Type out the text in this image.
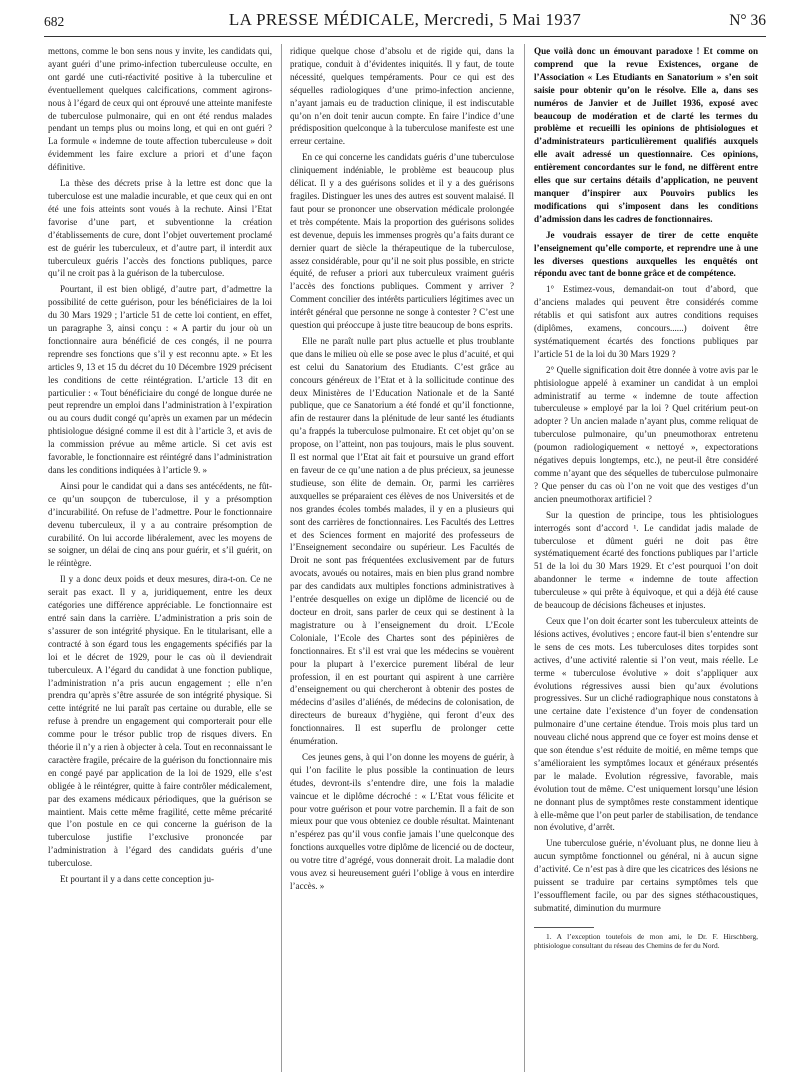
682	LA PRESSE MÉDICALE, Mercredi, 5 Mai 1937	N° 36

mettons, comme le bon sens nous y invite, les candidats qui, ayant guéri d’une primo-infection tuberculeuse occulte, en ont gardé une cuti-réactivité positive à la tuberculine et éventuellement quelques calcifications, comment agirons-nous à l’égard de ceux qui ont éprouvé une atteinte manifeste de tuberculose pulmonaire, qui en ont été rendus malades pendant un temps plus ou moins long, et qui en ont guéri ? La formule « indemne de toute affection tuberculeuse » doit évidemment les faire exclure a priori et d’une façon définitive.

La thèse des décrets prise à la lettre est donc que la tuberculose est une maladie incurable, et que ceux qui en ont été une fois atteints sont voués à la rechute. Ainsi l’Etat favorise d’une part, et subventionne la création d’établissements de cure, dont l’objet ouvertement proclamé est de guérir les tuberculeux, et d’autre part, il interdit aux tuberculeux guéris l’accès des fonctions publiques, parce qu’il ne croit pas à la guérison de la tuberculose.

Pourtant, il est bien obligé, d’autre part, d’admettre la possibilité de cette guérison, pour les bénéficiaires de la loi du 30 Mars 1929 ; l’article 51 de cette loi contient, en effet, un paragraphe 3, ainsi conçu : « A partir du jour où un fonctionnaire aura bénéficié de ces congés, il ne pourra reprendre ses fonctions que s’il y est reconnu apte. » Et les articles 9, 13 et 15 du décret du 10 Décembre 1929 précisent les conditions de cette réintégration. L’article 13 dit en particulier : « Tout bénéficiaire du congé de longue durée ne peut reprendre un emploi dans l’administration à l’expiration ou au cours dudit congé qu’après un examen par un médecin phtisiologue désigné comme il est dit à l’article 3, et avis de la commission prévue au même article. Si cet avis est favorable, le fonctionnaire est réintégré dans l’administration dans les conditions indiquées à l’article 9. »

Ainsi pour le candidat qui a dans ses antécédents, ne fût-ce qu’un soupçon de tuberculose, il y a présomption d’incurabilité. On refuse de l’admettre. Pour le fonctionnaire devenu tuberculeux, il y a au contraire présomption de curabilité. On lui accorde libéralement, avec les moyens de se soigner, un délai de cinq ans pour guérir, et s’il guérit, on le réintègre.

Il y a donc deux poids et deux mesures, dira-t-on. Ce ne serait pas exact. Il y a, juridiquement, entre les deux catégories une différence appréciable. Le fonctionnaire est entré sain dans la carrière. L’administration a pris soin de s’assurer de son intégrité physique. En le titularisant, elle a contracté à son égard tous les engagements spécifiés par la loi et le décret de 1929, pour le cas où il deviendrait tuberculeux. A l’égard du candidat à une fonction publique, l’administration n’a pris aucun engagement ; elle n’en prendra qu’après s’être assurée de son intégrité physique. Si cette intégrité ne lui paraît pas certaine ou durable, elle se refuse à prendre un engagement qui comporterait pour elle comme pour le trésor public trop de risques divers. En théorie il n’y a rien à objecter à cela. Tout en reconnaissant le caractère fragile, précaire de la guérison du fonctionnaire mis en congé payé par application de la loi de 1929, elle s’est obligée à le réintégrer, quitte à faire contrôler médicalement, par des examens médicaux périodiques, que la guérison se maintient. Mais cette même fragilité, cette même précarité que l’on postule en ce qui concerne la guérison de la tuberculose justifie l’exclusive prononcée par l’administration à l’égard des candidats guéris d’une tuberculose.

Et pourtant il y a dans cette conception ju-

ridique quelque chose d’absolu et de rigide qui, dans la pratique, conduit à d’évidentes iniquités. Il y faut, de toute nécessité, quelques tempéraments. Pour ce qui est des séquelles radiologiques d’une primo-infection ancienne, n’ayant jamais eu de traduction clinique, il est indiscutable qu’on n’en doit tenir aucun compte. En faire l’indice d’une prédisposition quelconque à la tuberculose manifeste est une erreur certaine.

En ce qui concerne les candidats guéris d’une tuberculose cliniquement indéniable, le problème est beaucoup plus délicat. Il y a des guérisons solides et il y a des guérisons fragiles. Distinguer les unes des autres est souvent malaisé. Il faut pour se prononcer une observation médicale prolongée et très compétente. Mais la proportion des guérisons solides est devenue, depuis les immenses progrès qu’a faits durant ce dernier quart de siècle la thérapeutique de la tuberculose, assez considérable, pour qu’il ne soit plus possible, en stricte équité, de refuser a priori aux tuberculeux vraiment guéris l’accès des fonctions publiques. Comment y arriver ? Comment concilier des intérêts particuliers légitimes avec un intérêt général que personne ne songe à contester ? C’est une question qui préoccupe à juste titre beaucoup de bons esprits.

Elle ne paraît nulle part plus actuelle et plus troublante que dans le milieu où elle se pose avec le plus d’acuité, et qui est celui du Sanatorium des Etudiants. C’est grâce au concours généreux de l’Etat et à la sollicitude continue des deux Ministères de l’Education Nationale et de la Santé publique, que ce Sanatorium a été fondé et qu’il fonctionne, afin de restaurer dans la plénitude de leur santé les étudiants qu’a frappés la tuberculose pulmonaire. Et cet objet qu’on se propose, on l’atteint, non pas toujours, mais le plus souvent. Il est normal que l’Etat ait fait et poursuive un grand effort en faveur de ce qu’une nation a de plus précieux, sa jeunesse studieuse, son élite de demain. Or, parmi les carrières auxquelles se préparaient ces élèves de nos Universités et de nos grandes écoles tombés malades, il y en a plusieurs qui sont des carrières de fonctionnaires. Les Facultés des Lettres et des Sciences forment en majorité des professeurs de l’Enseignement secondaire ou supérieur. Les Facultés de Droit ne sont pas fréquentées exclusivement par de futurs avocats, avoués ou notaires, mais en bien plus grand nombre par des candidats aux multiples fonctions administratives à l’entrée desquelles on exige un diplôme de licencié ou de docteur en droit, sans parler de ceux qui se destinent à la magistrature ou à l’enseignement du droit. L’Ecole Coloniale, l’Ecole des Chartes sont des pépinières de fonctionnaires. Et s’il est vrai que les médecins se vouèrent pour la plupart à l’exercice purement libéral de leur profession, il en est pourtant qui aspirent à une carrière d’enseignement ou qui chercheront à obtenir des postes de médecins d’asiles d’aliénés, de médecins de colonisation, de directeurs de bureaux d’hygiène, qui feront d’eux des fonctionnaires. Il est superflu de prolonger cette énumération.

Ces jeunes gens, à qui l’on donne les moyens de guérir, à qui l’on facilite le plus possible la continuation de leurs études, devront-ils s’entendre dire, une fois la maladie vaincue et le diplôme décroché : « L’Etat vous félicite et pour votre guérison et pour votre parchemin. Il a fait de son mieux pour que vous obteniez ce double résultat. Maintenant n’espérez pas qu’il vous confie jamais l’une quelconque des fonctions auxquelles votre diplôme de licencié ou de docteur, ou votre titre d’agrégé, vous donnerait droit. La maladie dont vous avez si heureusement guéri l’oblige à vous en interdire l’accès. »

Que voilà donc un émouvant paradoxe ! Et comme on comprend que la revue Existences, organe de l’Association « Les Etudiants en Sanatorium » s’en soit saisie pour obtenir qu’on le résolve. Elle a, dans ses numéros de Janvier et de Juillet 1936, exposé avec beaucoup de modération et de clarté les termes du problème et recueilli les opinions de phtisiologues et d’administrateurs particulièrement qualifiés auxquels elle avait adressé un questionnaire. Ces opinions, entièrement concordantes sur le fond, ne diffèrent entre elles que sur certains détails d’application, ne peuvent manquer d’inspirer aux Pouvoirs publics les modifications qui s’imposent dans les conditions d’admission dans les cadres de fonctionnaires.

Je voudrais essayer de tirer de cette enquête l’enseignement qu’elle comporte, et reprendre une à une les diverses questions auxquelles les enquêtés ont répondu avec tant de bonne grâce et de compétence.

1° Estimez-vous, demandait-on tout d’abord, que d’anciens malades qui peuvent être considérés comme rétablis et qui satisfont aux autres conditions requises (diplômes, examens, concours......) doivent être systématiquement écartés des fonctions publiques par l’article 51 de la loi du 30 Mars 1929 ?

2° Quelle signification doit être donnée à votre avis par le phtisiologue appelé à examiner un candidat à un emploi administratif au terme « indemne de toute affection tuberculeuse » employé par la loi ? Quel critérium peut-on adopter ? Un ancien malade n’ayant plus, comme reliquat de tuberculose pulmonaire, qu’un pneumothorax entretenu (poumon radiologiquement « nettoyé », expectorations négatives depuis longtemps, etc.), ne peut-il être considéré comme n’ayant que des séquelles de tuberculose pulmonaire ? Que penser du cas où l’on ne voit que des vestiges d’un ancien pneumothorax artificiel ?

Sur la question de principe, tous les phtisiologues interrogés sont d’accord ¹. Le candidat jadis malade de tuberculose et dûment guéri ne doit pas être systématiquement écarté des fonctions publiques par l’article 51 de la loi du 30 Mars 1929. Et c’est pourquoi l’on doit abandonner le terme « indemne de toute affection tuberculeuse » qui prête à équivoque, et qui a déjà été cause de beaucoup de décisions fâcheuses et injustes.

Ceux que l’on doit écarter sont les tuberculeux atteints de lésions actives, évolutives ; encore faut-il bien s’entendre sur le sens de ces mots. Les tuberculoses dites torpides sont actives, d’une activité ralentie si l’on veut, mais réelle. Le terme « tuberculose évolutive » doit s’appliquer aux évolutions régressives aussi bien qu’aux évolutions progressives. Sur un cliché radiographique nous constatons à une certaine date l’existence d’un foyer de condensation pulmonaire d’une certaine étendue. Trois mois plus tard un nouveau cliché nous apprend que ce foyer est moins dense et que son étendue s’est réduite de moitié, en même temps que s’amélioraient les symptômes locaux et généraux présentés par le malade. Evolution régressive, favorable, mais évolution tout de même. C’est uniquement lorsqu’une lésion ne donnant plus de symptômes reste constamment identique à elle-même que l’on peut parler de stabilisation, de tendance non évolutive, d’arrêt.

Une tuberculose guérie, n’évoluant plus, ne donne lieu à aucun symptôme fonctionnel ou général, ni à aucun signe d’activité. Ce n’est pas à dire que les cicatrices des lésions ne puissent se traduire par certains symptômes tels que l’essoufflement facile, ou par des signes stéthacoustiques, submatité, diminution du murmure

1. A l’exception toutefois de mon ami, le Dr. F. Hirschberg, phtisiologue consultant du réseau des Chemins de fer du Nord.
